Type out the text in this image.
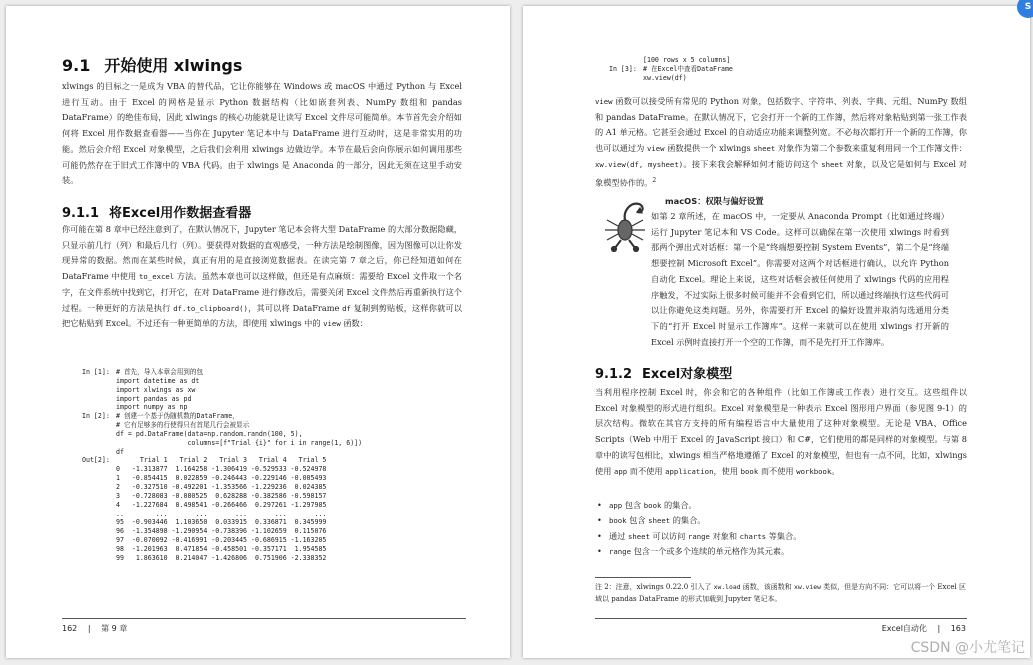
9.1 开始使用 xlwings

xlwings 的目标之一是成为 VBA 的替代品，它让你能够在 Windows 或 macOS 中通过 Python 与 Excel 进行互动。由于 Excel 的网格是显示 Python 数据结构（比如嵌套列表、NumPy 数组和 pandas DataFrame）的绝佳布局，因此 xlwings 的核心功能就是让读写 Excel 文件尽可能简单。本节首先会介绍如何将 Excel 用作数据查看器——当你在 Jupyter 笔记本中与 DataFrame 进行互动时，这是非常实用的功能。然后会介绍 Excel 对象模型，之后我们会利用 xlwings 边做边学。本节在最后会向你展示如何调用那些可能仍然存在于旧式工作簿中的 VBA 代码。由于 xlwings 是 Anaconda 的一部分，因此无须在这里手动安装。

9.1.1 将Excel用作数据查看器

你可能在第 8 章中已经注意到了，在默认情况下，Jupyter 笔记本会将大型 DataFrame 的大部分数据隐藏，只显示前几行（列）和最后几行（列）。要获得对数据的直观感受，一种方法是绘制图像，因为图像可以让你发现异常的数据。然而在某些时候，真正有用的是直接浏览数据表。在读完第 7 章之后，你已经知道如何在 DataFrame 中使用 to_excel 方法。虽然本章也可以这样做，但还是有点麻烦：需要给 Excel 文件取一个名字，在文件系统中找到它，打开它，在对 DataFrame 进行修改后，需要关闭 Excel 文件然后再重新执行这个过程。一种更好的方法是执行 df.to_clipboard()，其可以将 DataFrame df 复制到剪贴板，这样你就可以把它粘贴到 Excel。不过还有一种更简单的方法，即使用 xlwings 中的 view 函数：

In [1]: # 首先，导入本章会用到的包
import datetime as dt
import xlwings as xw
import pandas as pd
import numpy as np
In [2]: # 创建一个基于伪随机数的DataFrame，
# 它有足够多的行使得只有首尾几行会被显示
df = pd.DataFrame(data=np.random.randn(100, 5),
columns=[f"Trial {i}" for i in range(1, 6)])
df
Out[2]: Trial 1   Trial 2   Trial 3   Trial 4   Trial 5
0   -1.313877  1.164258 -1.306419 -0.529533 -0.524978
1   -0.854415  0.022859 -0.246443 -0.229146 -0.005493
2   -0.327510 -0.492201 -1.353566 -1.229236  0.024385
3   -0.728083 -0.080525  0.628288 -0.382586 -0.590157
4   -1.227684  0.498541 -0.266466  0.297261 -1.297985
..        ...       ...       ...       ...       ...
95  -0.903446  1.103650  0.033915  0.336871  0.345999
96  -1.354898 -1.290954 -0.738396 -1.102659  0.115076
97  -0.070092 -0.416991 -0.203445 -0.686915 -1.163205
98  -1.201963  0.471854 -0.458501 -0.357171  1.954585
99   1.863610  0.214047 -1.426806  0.751906 -2.338352
162 | 第 9 章
[100 rows x 5 columns]
In [3]: # 在Excel中查看DataFrame
xw.view(df)

view 函数可以接受所有常见的 Python 对象，包括数字、字符串、列表、字典、元组、NumPy 数组和 pandas DataFrame。在默认情况下，它会打开一个新的工作簿，然后将对象粘贴到第一张工作表的 A1 单元格。它甚至会通过 Excel 的自动适应功能来调整列宽。不必每次都打开一个新的工作簿，你也可以通过为 view 函数提供一个 xlwings sheet 对象作为第二个参数来重复利用同一个工作簿文件：xw.view(df, mysheet)。接下来我会解释如何才能访问这个 sheet 对象，以及它是如何与 Excel 对象模型协作的。$^2$

macOS：权限与偏好设置

如第 2 章所述，在 macOS 中，一定要从 Anaconda Prompt（比如通过终端）运行 Jupyter 笔记本和 VS Code。这样可以确保在第一次使用 xlwings 时看到那两个弹出式对话框：第一个是“终端想要控制 System Events”，第二个是“终端想要控制 Microsoft Excel”。你需要对这两个对话框进行确认，以允许 Python 自动化 Excel。理论上来说，这些对话框会被任何使用了 xlwings 代码的应用程序触发，不过实际上很多时候可能并不会看到它们，所以通过终端执行这些代码可以让你避免这类问题。另外，你需要打开 Excel 的偏好设置并取消勾选通用分类下的“打开 Excel 时显示工作簿库”。这样一来就可以在使用 xlwings 打开新的 Excel 示例时直接打开一个空的工作簿，而不是先打开工作簿库。

9.1.2 Excel对象模型

当利用程序控制 Excel 时，你会和它的各种组件（比如工作簿或工作表）进行交互。这些组件以 Excel 对象模型的形式进行组织。Excel 对象模型是一种表示 Excel 图形用户界面（参见图 9-1）的层次结构。微软在其官方支持的所有编程语言中大量使用了这种对象模型。无论是 VBA、Office Scripts（Web 中用于 Excel 的 JavaScript 接口）和 C#，它们使用的都是同样的对象模型。与第 8 章中的读写包相比，xlwings 相当严格地遵循了 Excel 的对象模型，但也有一点不同，比如，xlwings 使用 app 而不使用 application，使用 book 而不使用 workbook。

• app 包含 book 的集合。
• book 包含 sheet 的集合。
• 通过 sheet 可以访问 range 对象和 charts 等集合。
• range 包含一个或多个连续的单元格作为其元素。

注 2：注意，xlwings 0.22.0 引入了 xw.load 函数，该函数和 xw.view 类似，但是方向不同：它可以将一个 Excel 区域以 pandas DataFrame 的形式加载到 Jupyter 笔记本。

Excel自动化 | 163
S
CSDN @小尤笔记
